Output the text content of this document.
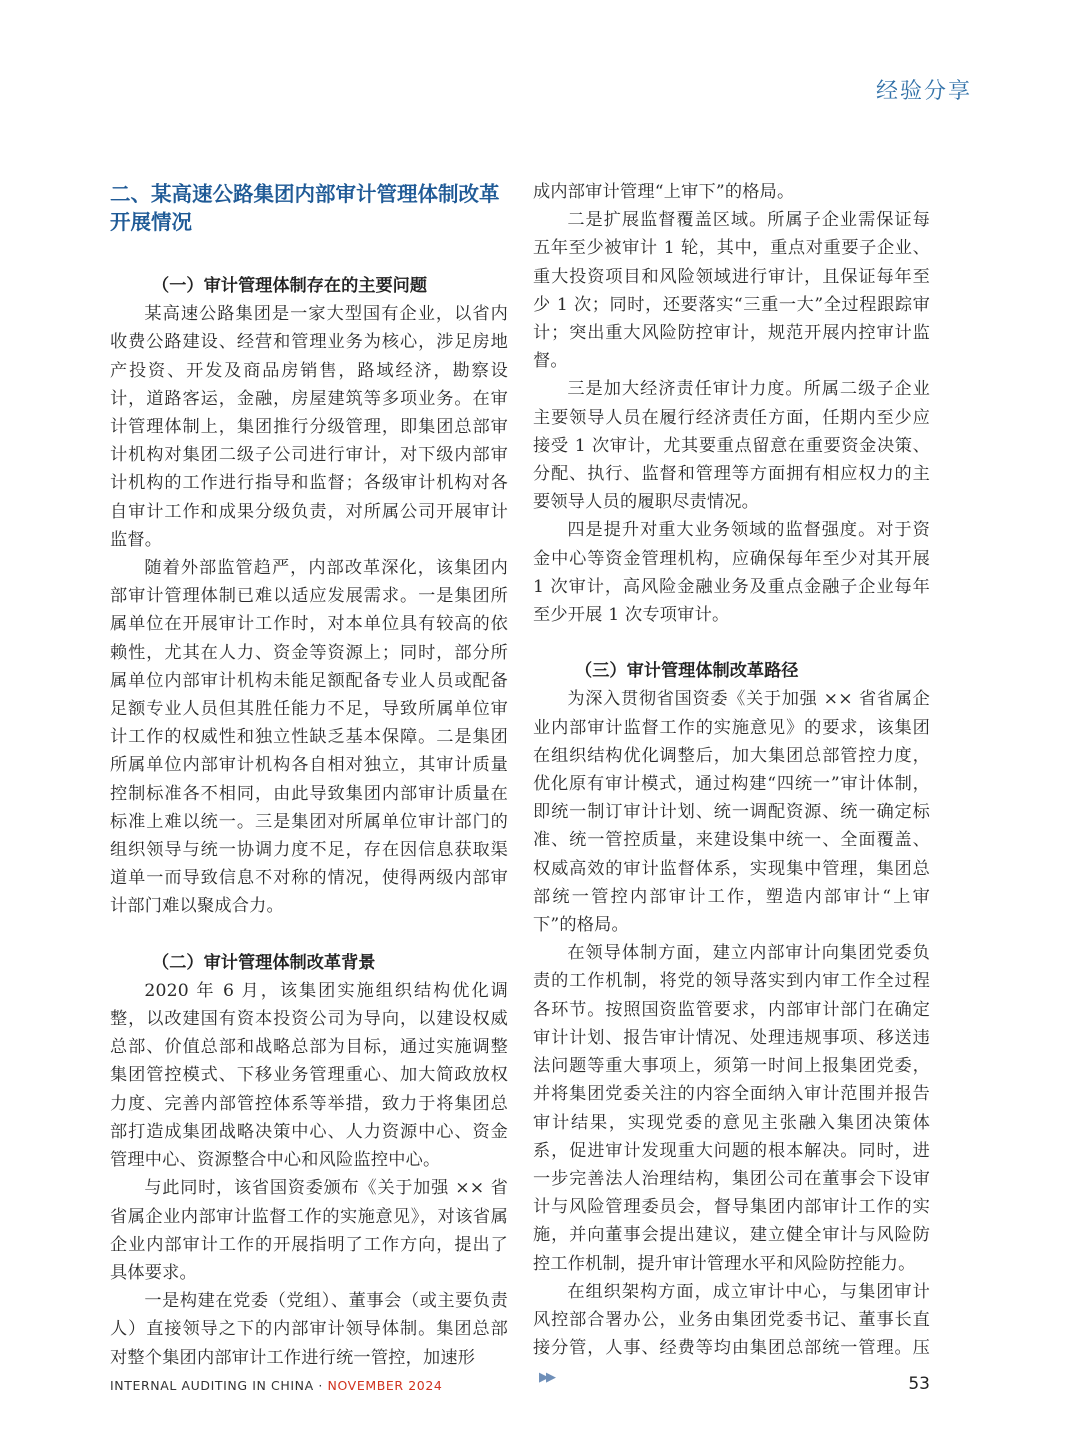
经验分享
二、某高速公路集团内部审计管理体制改革开展情况
（一）审计管理体制存在的主要问题

某高速公路集团是一家大型国有企业，以省内收费公路建设、经营和管理业务为核心，涉足房地产投资、开发及商品房销售，路域经济，勘察设计，道路客运，金融，房屋建筑等多项业务。在审计管理体制上，集团推行分级管理，即集团总部审计机构对集团二级子公司进行审计，对下级内部审计机构的工作进行指导和监督；各级审计机构对各自审计工作和成果分级负责，对所属公司开展审计监督。

随着外部监管趋严，内部改革深化，该集团内部审计管理体制已难以适应发展需求。一是集团所属单位在开展审计工作时，对本单位具有较高的依赖性，尤其在人力、资金等资源上；同时，部分所属单位内部审计机构未能足额配备专业人员或配备足额专业人员但其胜任能力不足，导致所属单位审计工作的权威性和独立性缺乏基本保障。二是集团所属单位内部审计机构各自相对独立，其审计质量控制标准各不相同，由此导致集团内部审计质量在标准上难以统一。三是集团对所属单位审计部门的组织领导与统一协调力度不足，存在因信息获取渠道单一而导致信息不对称的情况，使得两级内部审计部门难以聚成合力。

（二）审计管理体制改革背景

2020 年 6 月，该集团实施组织结构优化调整，以改建国有资本投资公司为导向，以建设权威总部、价值总部和战略总部为目标，通过实施调整集团管控模式、下移业务管理重心、加大简政放权力度、完善内部管控体系等举措，致力于将集团总部打造成集团战略决策中心、人力资源中心、资金管理中心、资源整合中心和风险监控中心。

与此同时，该省国资委颁布《关于加强 ×× 省省属企业内部审计监督工作的实施意见》，对该省属企业内部审计工作的开展指明了工作方向，提出了具体要求。

一是构建在党委（党组）、董事会（或主要负责人）直接领导之下的内部审计领导体制。集团总部对整个集团内部审计工作进行统一管控，加速形

成内部审计管理“上审下”的格局。

二是扩展监督覆盖区域。所属子企业需保证每五年至少被审计 1 轮，其中，重点对重要子企业、重大投资项目和风险领域进行审计，且保证每年至少 1 次；同时，还要落实“三重一大”全过程跟踪审计；突出重大风险防控审计，规范开展内控审计监督。

三是加大经济责任审计力度。所属二级子企业主要领导人员在履行经济责任方面，任期内至少应接受 1 次审计，尤其要重点留意在重要资金决策、分配、执行、监督和管理等方面拥有相应权力的主要领导人员的履职尽责情况。

四是提升对重大业务领域的监督强度。对于资金中心等资金管理机构，应确保每年至少对其开展 1 次审计，高风险金融业务及重点金融子企业每年至少开展 1 次专项审计。

（三）审计管理体制改革路径

为深入贯彻省国资委《关于加强 ×× 省省属企业内部审计监督工作的实施意见》的要求，该集团在组织结构优化调整后，加大集团总部管控力度，优化原有审计模式，通过构建“四统一”审计体制，即统一制订审计计划、统一调配资源、统一确定标准、统一管控质量，来建设集中统一、全面覆盖、权威高效的审计监督体系，实现集中管理，集团总部统一管控内部审计工作，塑造内部审计“上审下”的格局。

在领导体制方面，建立内部审计向集团党委负责的工作机制，将党的领导落实到内审工作全过程各环节。按照国资监管要求，内部审计部门在确定审计计划、报告审计情况、处理违规事项、移送违法问题等重大事项上，须第一时间上报集团党委，并将集团党委关注的内容全面纳入审计范围并报告审计结果，实现党委的意见主张融入集团决策体系，促进审计发现重大问题的根本解决。同时，进一步完善法人治理结构，集团公司在董事会下设审计与风险管理委员会，督导集团内部审计工作的实施，并向董事会提出建议，建立健全审计与风险防控工作机制，提升审计管理水平和风险防控能力。

在组织架构方面，成立审计中心，与集团审计风控部合署办公，业务由集团党委书记、董事长直接分管，人事、经费等均由集团总部统一管理。压▶▶

INTERNAL AUDITING IN CHINA · NOVEMBER 2024	53
